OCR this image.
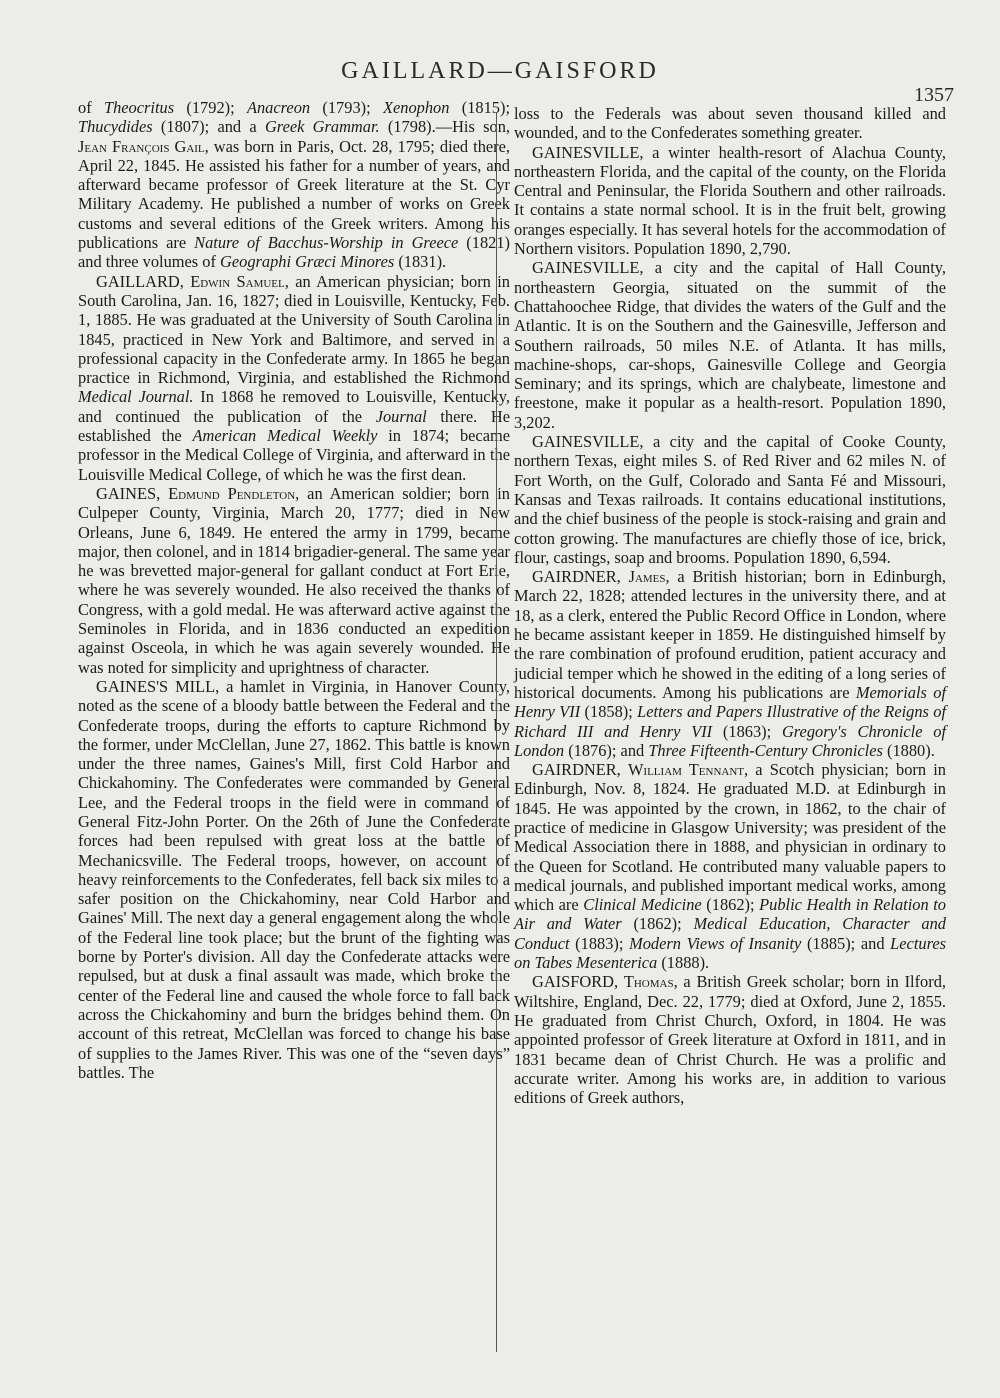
GAILLARD—GAISFORD
1357

of Theocritus (1792); Anacreon (1793); Xenophon (1815); Thucydides (1807); and a Greek Grammar. (1798).—His son, Jean François Gail, was born in Paris, Oct. 28, 1795; died there, April 22, 1845. He assisted his father for a number of years, and afterward became professor of Greek literature at the St. Cyr Military Academy. He published a number of works on Greek customs and several editions of the Greek writers. Among his publications are Nature of Bacchus-Worship in Greece (1821) and three volumes of Geographi Græci Minores (1831).

GAILLARD, Edwin Samuel, an American physician; born in South Carolina, Jan. 16, 1827; died in Louisville, Kentucky, Feb. 1, 1885. He was graduated at the University of South Carolina in 1845, practiced in New York and Baltimore, and served in a professional capacity in the Confederate army. In 1865 he began practice in Richmond, Virginia, and established the Richmond Medical Journal. In 1868 he removed to Louisville, Kentucky, and continued the publication of the Journal there. He established the American Medical Weekly in 1874; became professor in the Medical College of Virginia, and afterward in the Louisville Medical College, of which he was the first dean.

GAINES, Edmund Pendleton, an American soldier; born in Culpeper County, Virginia, March 20, 1777; died in New Orleans, June 6, 1849. He entered the army in 1799, became major, then colonel, and in 1814 brigadier-general. The same year he was brevetted major-general for gallant conduct at Fort Erie, where he was severely wounded. He also received the thanks of Congress, with a gold medal. He was afterward active against the Seminoles in Florida, and in 1836 conducted an expedition against Osceola, in which he was again severely wounded. He was noted for simplicity and uprightness of character.

GAINES'S MILL, a hamlet in Virginia, in Hanover County, noted as the scene of a bloody battle between the Federal and the Confederate troops, during the efforts to capture Richmond by the former, under McClellan, June 27, 1862. This battle is known under the three names, Gaines's Mill, first Cold Harbor and Chickahominy. The Confederates were commanded by General Lee, and the Federal troops in the field were in command of General Fitz-John Porter. On the 26th of June the Confederate forces had been repulsed with great loss at the battle of Mechanicsville. The Federal troops, however, on account of heavy reinforcements to the Confederates, fell back six miles to a safer position on the Chickahominy, near Cold Harbor and Gaines' Mill. The next day a general engagement along the whole of the Federal line took place; but the brunt of the fighting was borne by Porter's division. All day the Confederate attacks were repulsed, but at dusk a final assault was made, which broke the center of the Federal line and caused the whole force to fall back across the Chickahominy and burn the bridges behind them. On account of this retreat, McClellan was forced to change his base of supplies to the James River. This was one of the “seven days” battles. The

loss to the Federals was about seven thousand killed and wounded, and to the Confederates something greater.

GAINESVILLE, a winter health-resort of Alachua County, northeastern Florida, and the capital of the county, on the Florida Central and Peninsular, the Florida Southern and other railroads. It contains a state normal school. It is in the fruit belt, growing oranges especially. It has several hotels for the accommodation of Northern visitors. Population 1890, 2,790.

GAINESVILLE, a city and the capital of Hall County, northeastern Georgia, situated on the summit of the Chattahoochee Ridge, that divides the waters of the Gulf and the Atlantic. It is on the Southern and the Gainesville, Jefferson and Southern railroads, 50 miles N.E. of Atlanta. It has mills, machine-shops, car-shops, Gainesville College and Georgia Seminary; and its springs, which are chalybeate, limestone and freestone, make it popular as a health-resort. Population 1890, 3,202.

GAINESVILLE, a city and the capital of Cooke County, northern Texas, eight miles S. of Red River and 62 miles N. of Fort Worth, on the Gulf, Colorado and Santa Fé and Missouri, Kansas and Texas railroads. It contains educational institutions, and the chief business of the people is stock-raising and grain and cotton growing. The manufactures are chiefly those of ice, brick, flour, castings, soap and brooms. Population 1890, 6,594.

GAIRDNER, James, a British historian; born in Edinburgh, March 22, 1828; attended lectures in the university there, and at 18, as a clerk, entered the Public Record Office in London, where he became assistant keeper in 1859. He distinguished himself by the rare combination of profound erudition, patient accuracy and judicial temper which he showed in the editing of a long series of historical documents. Among his publications are Memorials of Henry VII (1858); Letters and Papers Illustrative of the Reigns of Richard III and Henry VII (1863); Gregory's Chronicle of London (1876); and Three Fifteenth-Century Chronicles (1880).

GAIRDNER, William Tennant, a Scotch physician; born in Edinburgh, Nov. 8, 1824. He graduated M.D. at Edinburgh in 1845. He was appointed by the crown, in 1862, to the chair of practice of medicine in Glasgow University; was president of the Medical Association there in 1888, and physician in ordinary to the Queen for Scotland. He contributed many valuable papers to medical journals, and published important medical works, among which are Clinical Medicine (1862); Public Health in Relation to Air and Water (1862); Medical Education, Character and Conduct (1883); Modern Views of Insanity (1885); and Lectures on Tabes Mesenterica (1888).

GAISFORD, Thomas, a British Greek scholar; born in Ilford, Wiltshire, England, Dec. 22, 1779; died at Oxford, June 2, 1855. He graduated from Christ Church, Oxford, in 1804. He was appointed professor of Greek literature at Oxford in 1811, and in 1831 became dean of Christ Church. He was a prolific and accurate writer. Among his works are, in addition to various editions of Greek authors,
